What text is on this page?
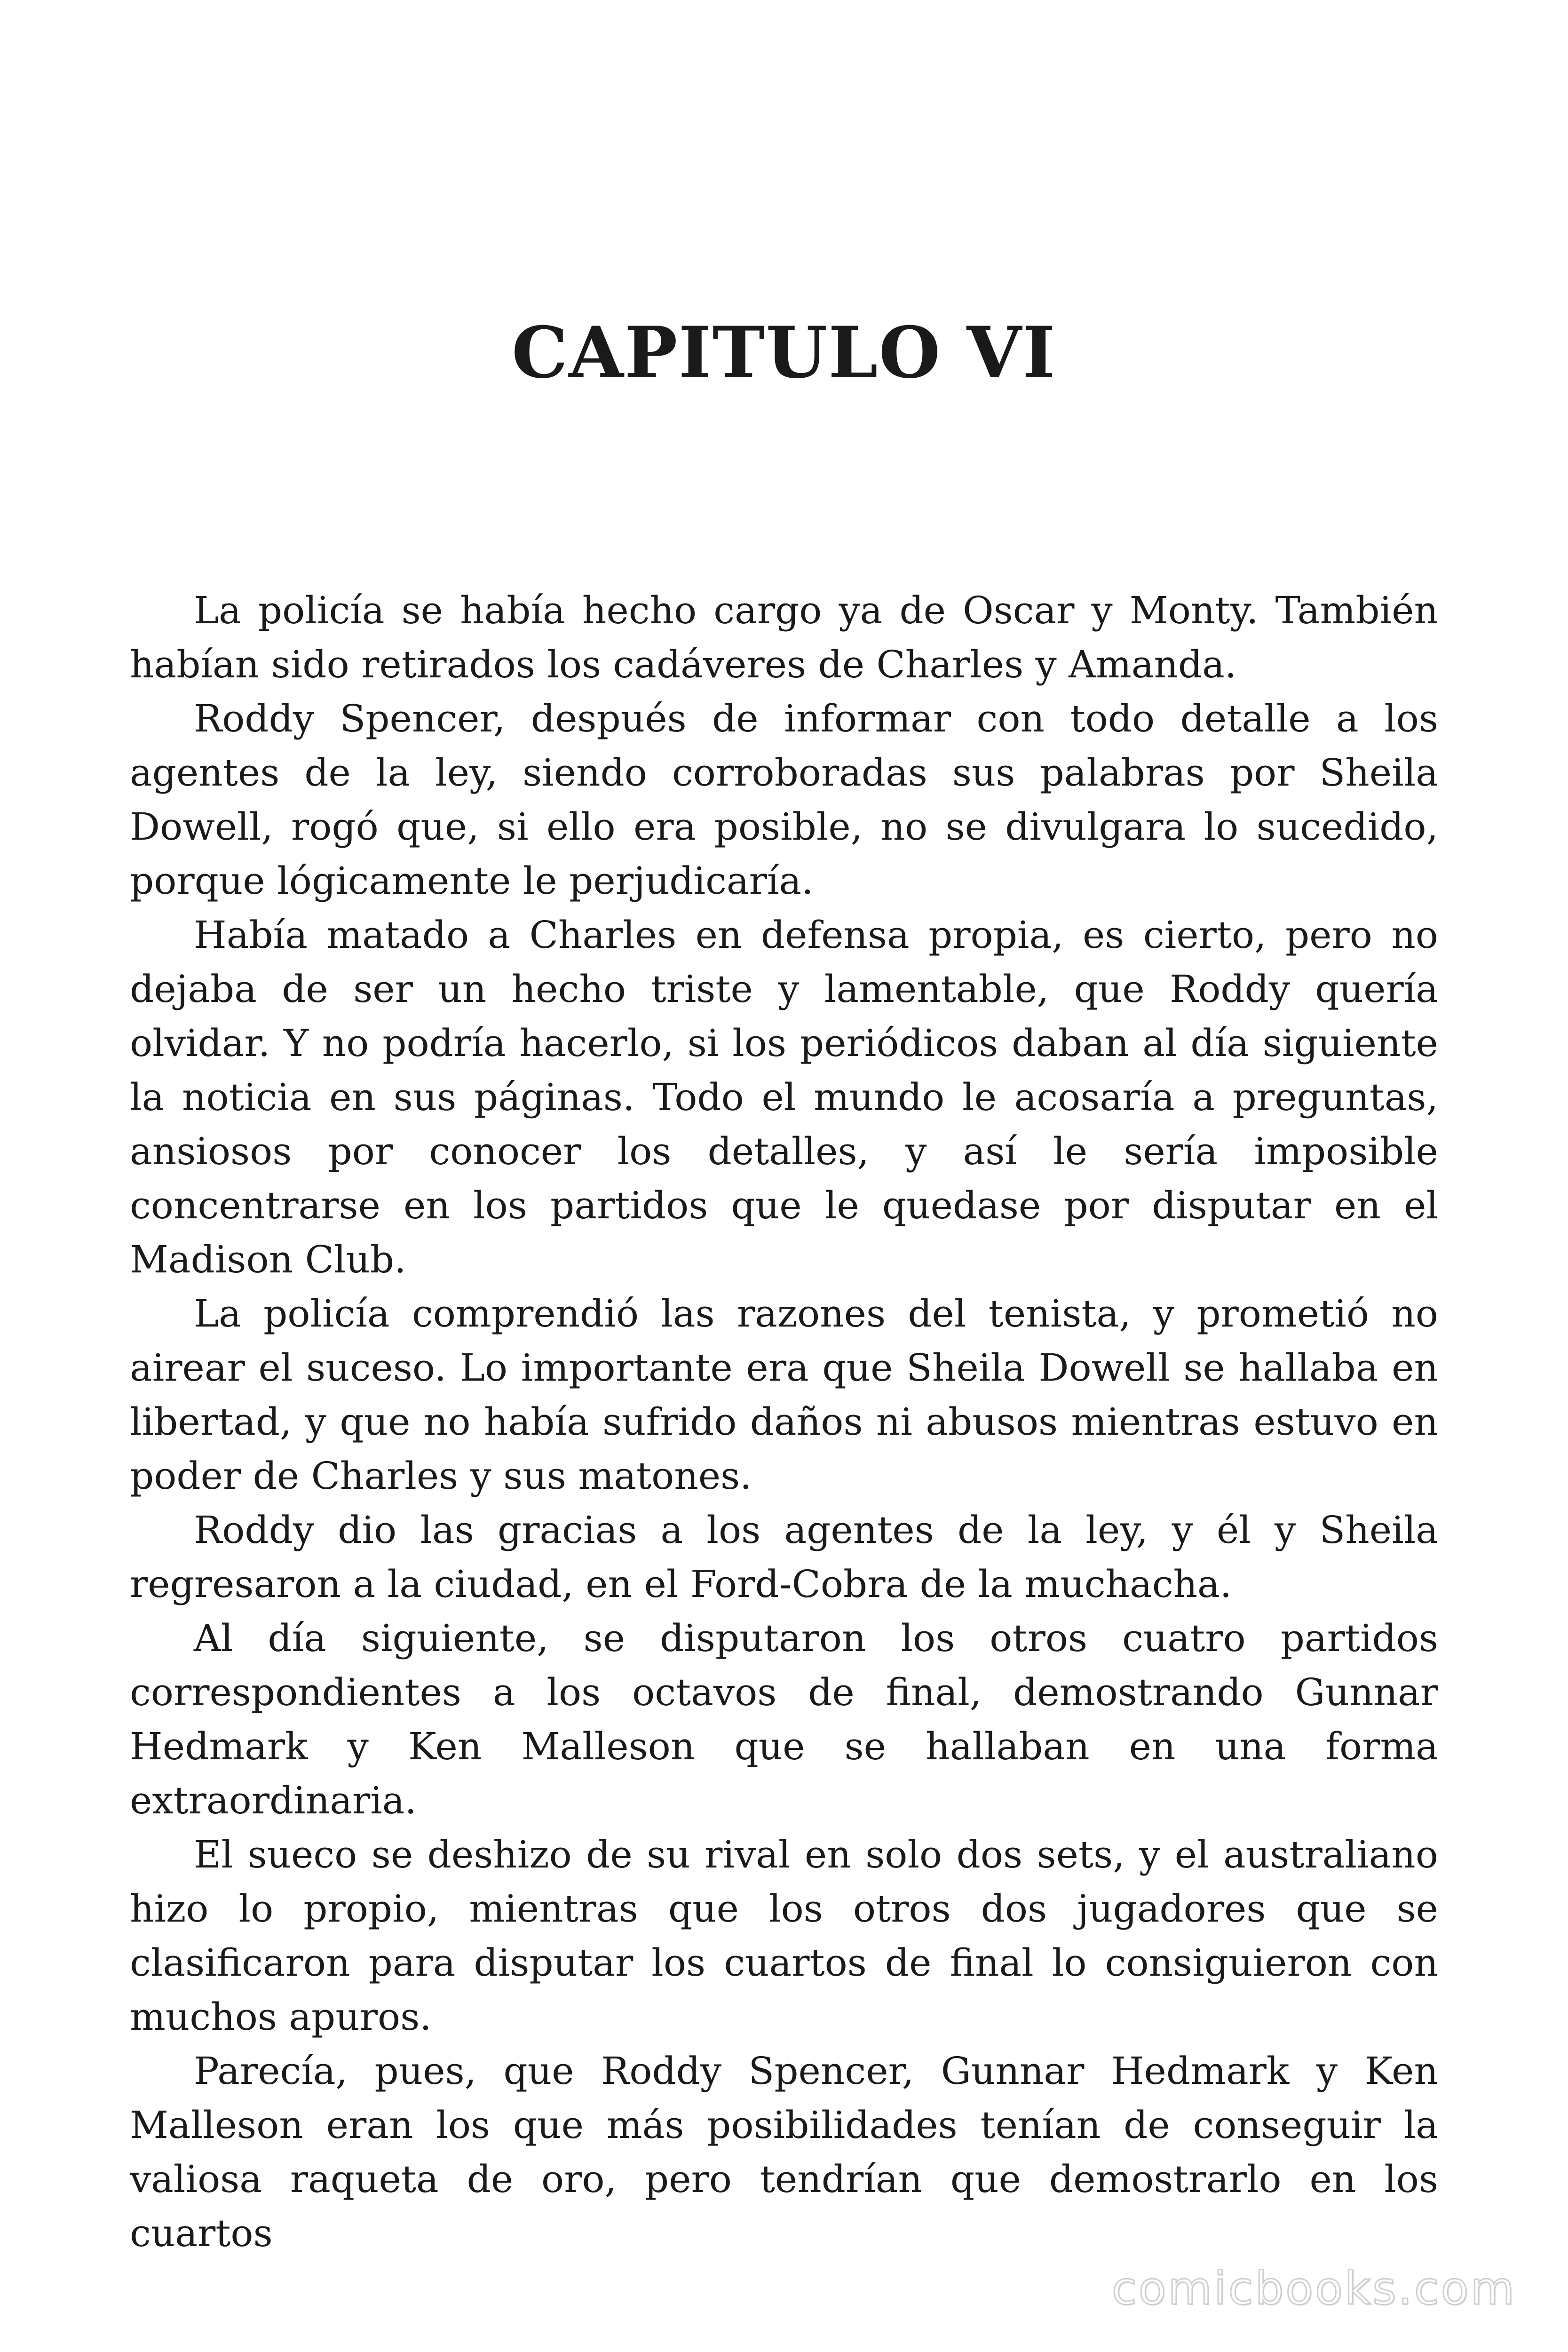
CAPITULO VI

La policía se había hecho cargo ya de Oscar y Monty. También habían sido retirados los cadáveres de Charles y Amanda.

Roddy Spencer, después de informar con todo detalle a los agentes de la ley, siendo corroboradas sus palabras por Sheila Dowell, rogó que, si ello era posible, no se divulgara lo sucedido, porque lógicamente le perjudicaría.

Había matado a Charles en defensa propia, es cierto, pero no dejaba de ser un hecho triste y lamentable, que Roddy quería olvidar. Y no podría hacerlo, si los periódicos daban al día siguiente la noticia en sus páginas. Todo el mundo le acosaría a preguntas, ansiosos por conocer los detalles, y así le sería imposible concentrarse en los partidos que le quedase por disputar en el Madison Club.

La policía comprendió las razones del tenista, y prometió no airear el suceso. Lo importante era que Sheila Dowell se hallaba en libertad, y que no había sufrido daños ni abusos mientras estuvo en poder de Charles y sus matones.

Roddy dio las gracias a los agentes de la ley, y él y Sheila regresaron a la ciudad, en el Ford-Cobra de la muchacha.

Al día siguiente, se disputaron los otros cuatro partidos correspondientes a los octavos de final, demostrando Gunnar Hedmark y Ken Malleson que se hallaban en una forma extraordinaria.

El sueco se deshizo de su rival en solo dos sets, y el australiano hizo lo propio, mientras que los otros dos jugadores que se clasificaron para disputar los cuartos de final lo consiguieron con muchos apuros.

Parecía, pues, que Roddy Spencer, Gunnar Hedmark y Ken Malleson eran los que más posibilidades tenían de conseguir la valiosa raqueta de oro, pero tendrían que demostrarlo en los cuartos

comicbooks.com
